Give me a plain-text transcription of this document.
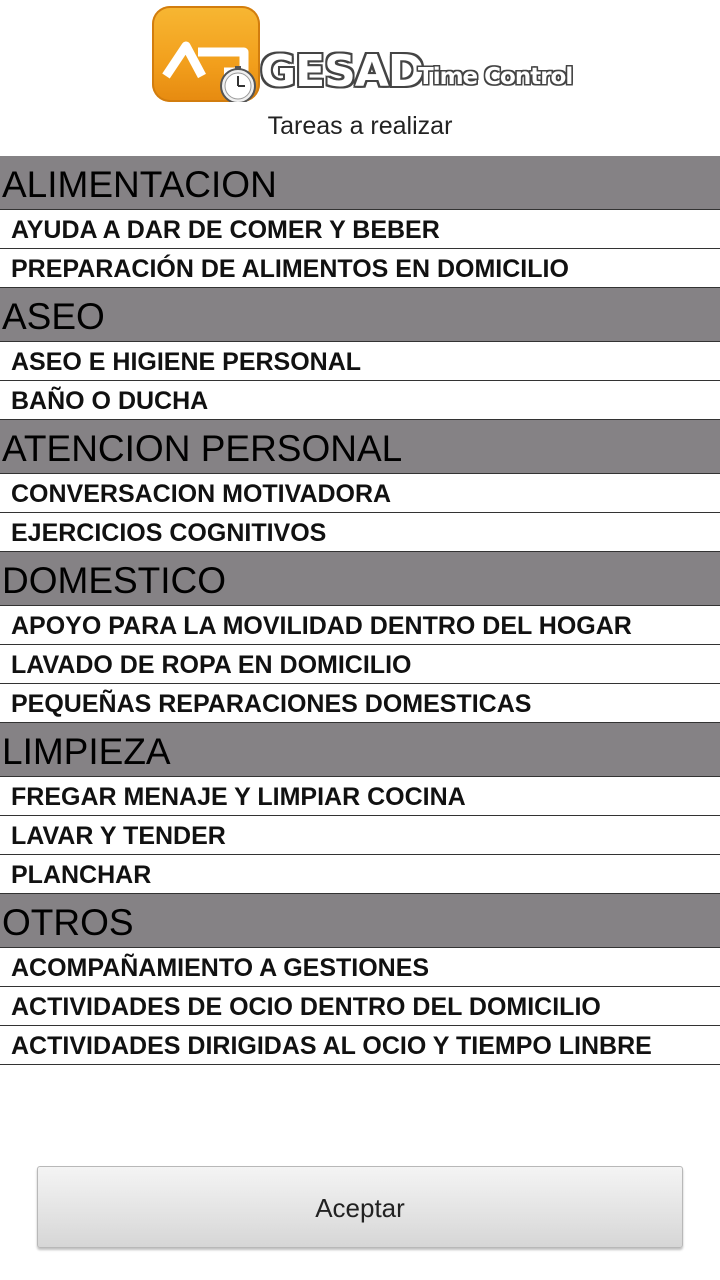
GESAD
Time Control
Tareas a realizar
ALIMENTACION
AYUDA A DAR DE COMER Y BEBER
PREPARACIÓN DE ALIMENTOS EN DOMICILIO
ASEO
ASEO E HIGIENE PERSONAL
BAÑO O DUCHA
ATENCION PERSONAL
CONVERSACION MOTIVADORA
EJERCICIOS COGNITIVOS
DOMESTICO
APOYO PARA LA MOVILIDAD DENTRO DEL HOGAR
LAVADO DE ROPA EN DOMICILIO
PEQUEÑAS REPARACIONES DOMESTICAS
LIMPIEZA
FREGAR MENAJE Y LIMPIAR COCINA
LAVAR Y TENDER
PLANCHAR
OTROS
ACOMPAÑAMIENTO A GESTIONES
ACTIVIDADES DE OCIO DENTRO DEL DOMICILIO
ACTIVIDADES DIRIGIDAS AL OCIO Y TIEMPO LINBRE
Aceptar
